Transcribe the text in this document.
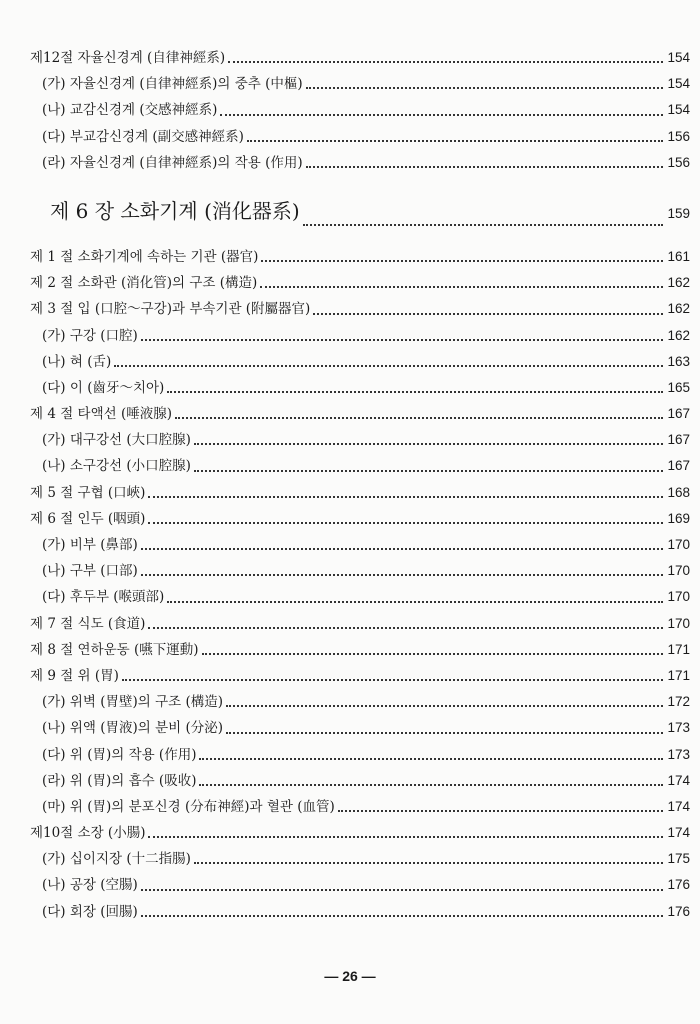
제12절 자율신경계 (自律神經系)	154
(가) 자율신경계 (自律神經系)의 중추 (中樞)	154
(나) 교감신경계 (交感神經系)	154
(다) 부교감신경계 (副交感神經系)	156
(라) 자율신경계 (自律神經系)의 작용 (作用)	156
제 6 장 소화기계 (消化器系)	159
제 1 절 소화기계에 속하는 기관 (器官)	161
제 2 절 소화관 (消化管)의 구조 (構造)	162
제 3 절 입 (口腔～구강)과 부속기관 (附屬器官)	162
(가) 구강 (口腔)	162
(나) 혀 (舌)	163
(다) 이 (齒牙～치아)	165
제 4 절 타액선 (唾液腺)	167
(가) 대구강선 (大口腔腺)	167
(나) 소구강선 (小口腔腺)	167
제 5 절 구협 (口峽)	168
제 6 절 인두 (咽頭)	169
(가) 비부 (鼻部)	170
(나) 구부 (口部)	170
(다) 후두부 (喉頭部)	170
제 7 절 식도 (食道)	170
제 8 절 연하운동 (嚥下運動)	171
제 9 절 위 (胃)	171
(가) 위벽 (胃壁)의 구조 (構造)	172
(나) 위액 (胃液)의 분비 (分泌)	173
(다) 위 (胃)의 작용 (作用)	173
(라) 위 (胃)의 흡수 (吸收)	174
(마) 위 (胃)의 분포신경 (分布神經)과 혈관 (血管)	174
제10절 소장 (小腸)	174
(가) 십이지장 (十二指腸)	175
(나) 공장 (空腸)	176
(다) 회장 (回腸)	176
— 26 —
